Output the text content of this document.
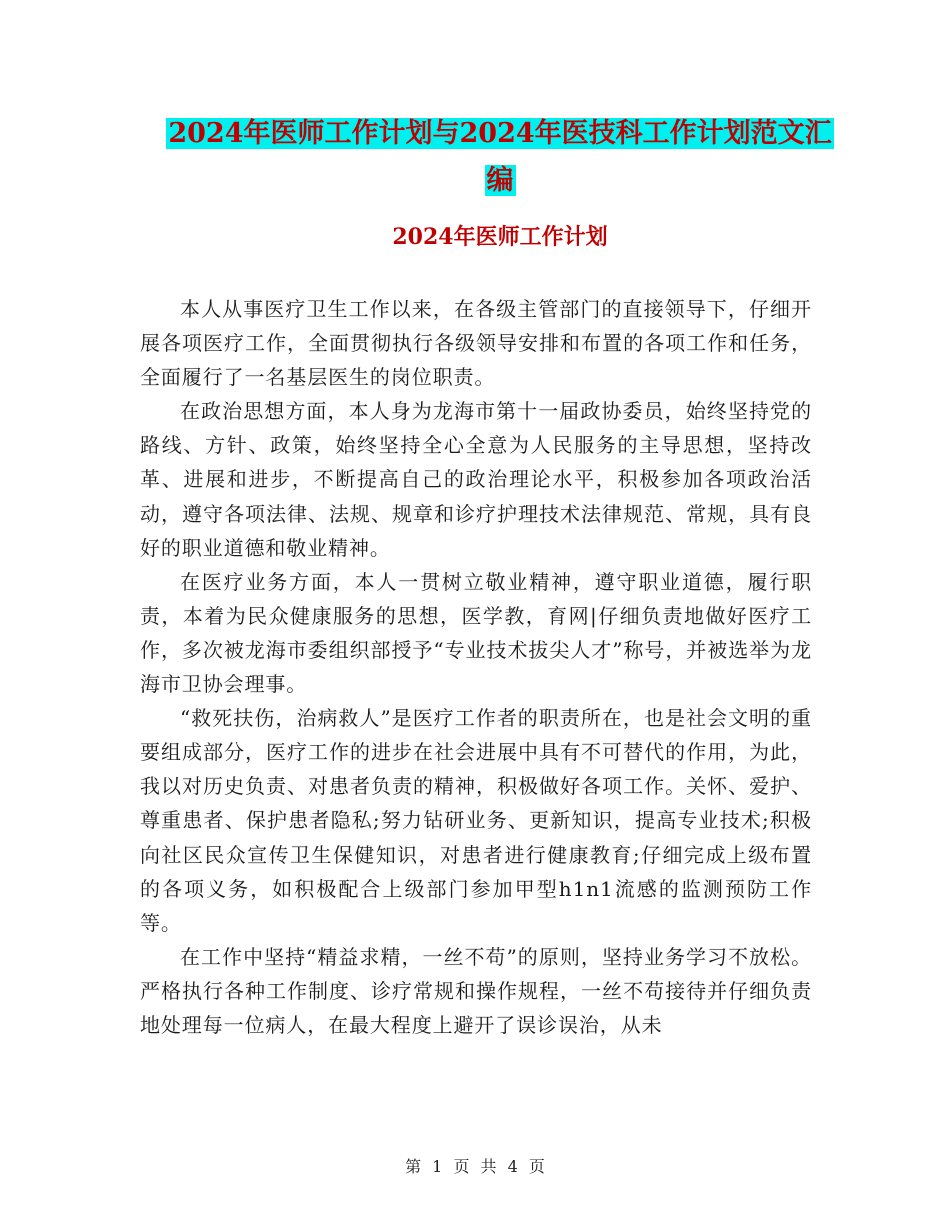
2024年医师工作计划与2024年医技科工作计划范文汇
编
2024年医师工作计划

本人从事医疗卫生工作以来，在各级主管部门的直接领导下，仔细开展各项医疗工作，全面贯彻执行各级领导安排和布置的各项工作和任务，全面履行了一名基层医生的岗位职责。

在政治思想方面，本人身为龙海市第十一届政协委员，始终坚持党的路线、方针、政策，始终坚持全心全意为人民服务的主导思想，坚持改革、进展和进步，不断提高自己的政治理论水平，积极参加各项政治活动，遵守各项法律、法规、规章和诊疗护理技术法律规范、常规，具有良好的职业道德和敬业精神。

在医疗业务方面，本人一贯树立敬业精神，遵守职业道德，履行职责，本着为民众健康服务的思想，医学教，育网|仔细负责地做好医疗工作，多次被龙海市委组织部授予“专业技术拔尖人才”称号，并被选举为龙海市卫协会理事。

“救死扶伤，治病救人”是医疗工作者的职责所在，也是社会文明的重要组成部分，医疗工作的进步在社会进展中具有不可替代的作用，为此，我以对历史负责、对患者负责的精神，积极做好各项工作。关怀、爱护、尊重患者、保护患者隐私;努力钻研业务、更新知识，提高专业技术;积极向社区民众宣传卫生保健知识，对患者进行健康教育;仔细完成上级布置的各项义务，如积极配合上级部门参加甲型h1n1流感的监测预防工作等。

在工作中坚持“精益求精，一丝不苟”的原则，坚持业务学习不放松。严格执行各种工作制度、诊疗常规和操作规程，一丝不苟接待并仔细负责地处理每一位病人，在最大程度上避开了误诊误治，从未

第 1 页 共 4 页
